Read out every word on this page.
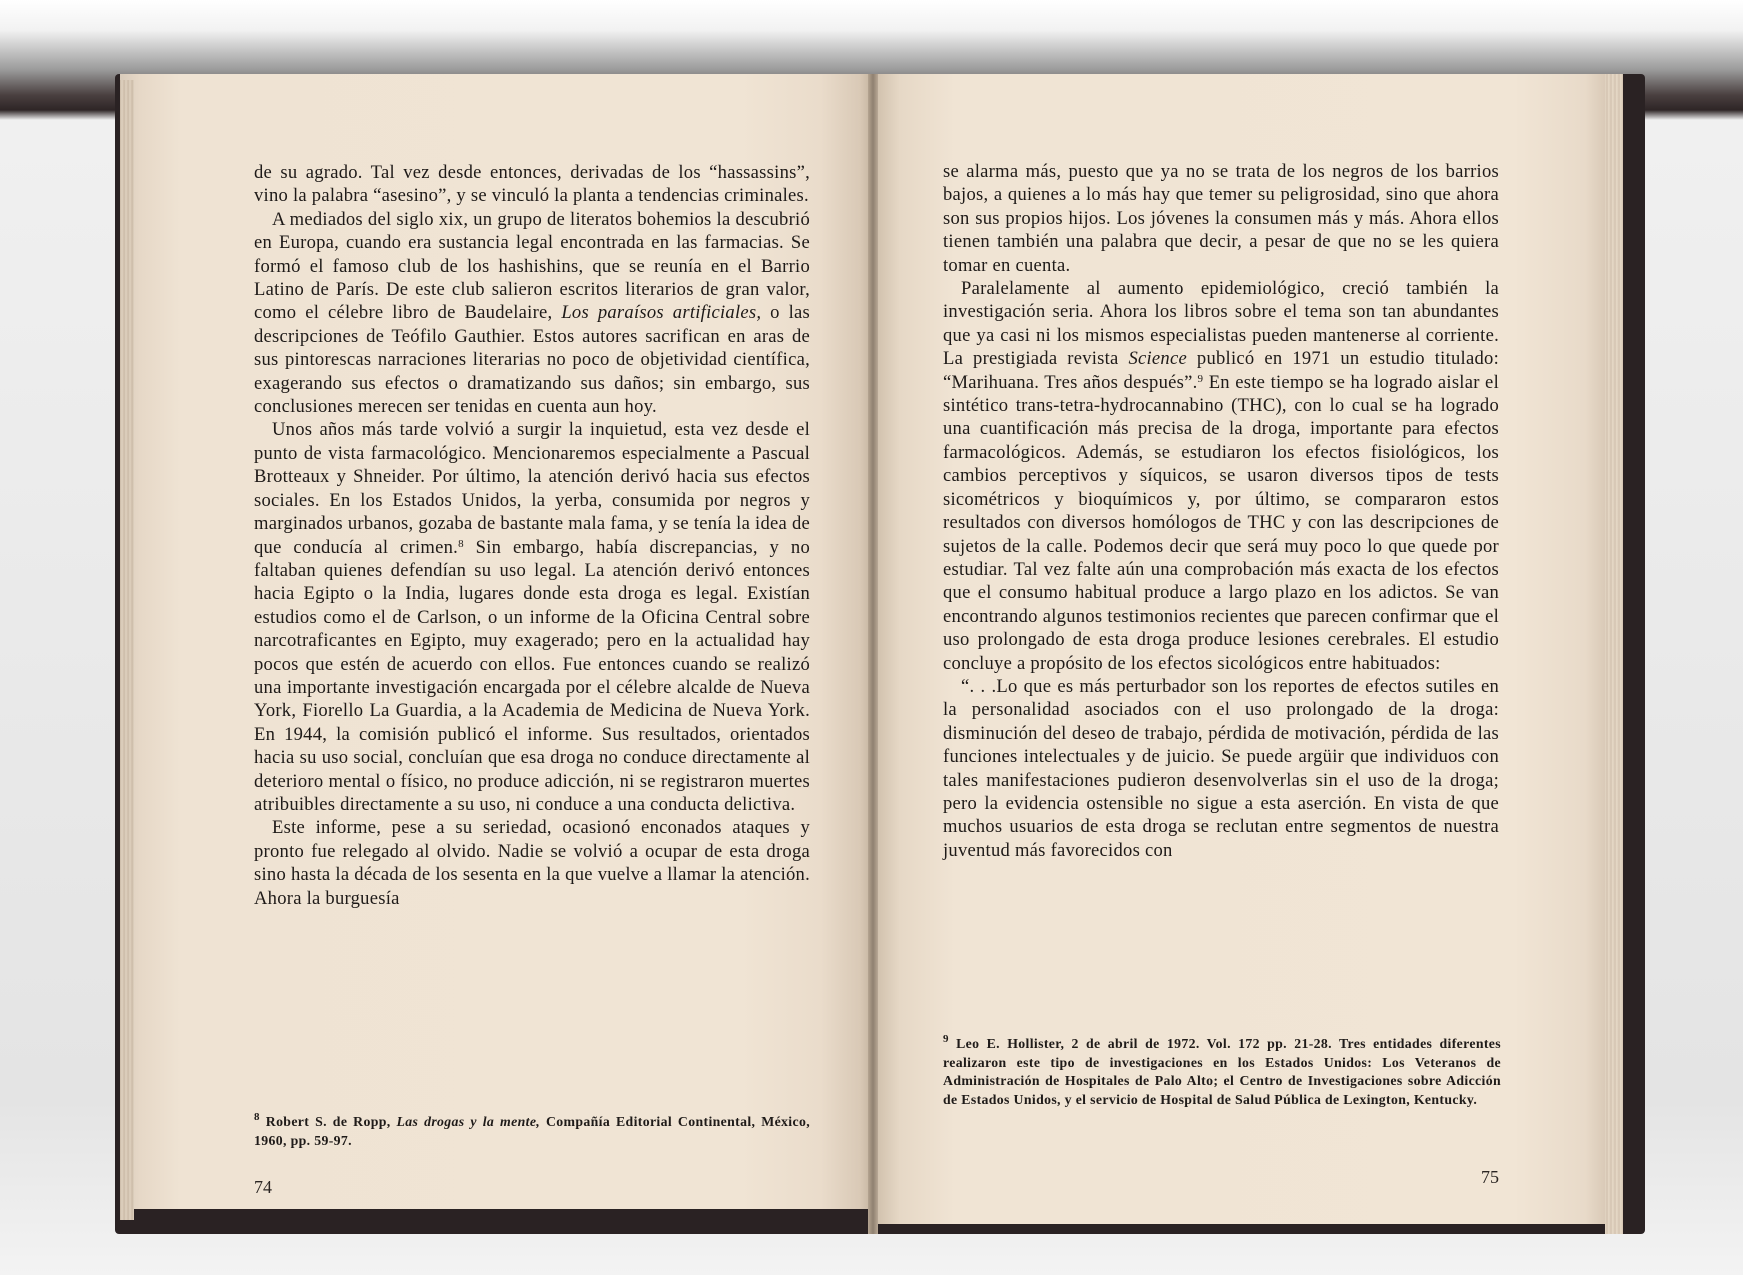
de su agrado. Tal vez desde entonces, derivadas de los “hassassins”, vino la palabra “asesino”, y se vinculó la planta a tendencias criminales.

A mediados del siglo xix, un grupo de literatos bohemios la descubrió en Europa, cuando era sustancia legal encontrada en las farmacias. Se formó el famoso club de los hashishins, que se reunía en el Barrio Latino de París. De este club salieron escritos literarios de gran valor, como el célebre libro de Baudelaire, Los paraísos artificiales, o las descripciones de Teófilo Gauthier. Estos autores sacrifican en aras de sus pintorescas narraciones literarias no poco de objetividad científica, exagerando sus efectos o dramatizando sus daños; sin embargo, sus conclusiones merecen ser tenidas en cuenta aun hoy.

Unos años más tarde volvió a surgir la inquietud, esta vez desde el punto de vista farmacológico. Mencionaremos especialmente a Pascual Brotteaux y Shneider. Por último, la atención derivó hacia sus efectos sociales. En los Estados Unidos, la yerba, consumida por negros y marginados urbanos, gozaba de bastante mala fama, y se tenía la idea de que conducía al crimen.$^8$ Sin embargo, había discrepancias, y no faltaban quienes defendían su uso legal. La atención derivó entonces hacia Egipto o la India, lugares donde esta droga es legal. Existían estudios como el de Carlson, o un informe de la Oficina Central sobre narcotraficantes en Egipto, muy exagerado; pero en la actualidad hay pocos que estén de acuerdo con ellos. Fue entonces cuando se realizó una importante investigación encargada por el célebre alcalde de Nueva York, Fiorello La Guardia, a la Academia de Medicina de Nueva York. En 1944, la comisión publicó el informe. Sus resultados, orientados hacia su uso social, concluían que esa droga no conduce directamente al deterioro mental o físico, no produce adicción, ni se registraron muertes atribuibles directamente a su uso, ni conduce a una conducta delictiva.

Este informe, pese a su seriedad, ocasionó enconados ataques y pronto fue relegado al olvido. Nadie se volvió a ocupar de esta droga sino hasta la década de los sesenta en la que vuelve a llamar la atención. Ahora la burguesía

$^8$ Robert S. de Ropp, Las drogas y la mente, Compañía Editorial Continental, México, 1960, pp. 59-97.
74

se alarma más, puesto que ya no se trata de los negros de los barrios bajos, a quienes a lo más hay que temer su peligrosidad, sino que ahora son sus propios hijos. Los jóvenes la consumen más y más. Ahora ellos tienen también una palabra que decir, a pesar de que no se les quiera tomar en cuenta.

Paralelamente al aumento epidemiológico, creció también la investigación seria. Ahora los libros sobre el tema son tan abundantes que ya casi ni los mismos especialistas pueden mantenerse al corriente. La prestigiada revista Science publicó en 1971 un estudio titulado: “Marihuana. Tres años después”.$^9$ En este tiempo se ha logrado aislar el sintético trans-tetra-hydrocannabino (THC), con lo cual se ha logrado una cuantificación más precisa de la droga, importante para efectos farmacológicos. Además, se estudiaron los efectos fisiológicos, los cambios perceptivos y síquicos, se usaron diversos tipos de tests sicométricos y bioquímicos y, por último, se compararon estos resultados con diversos homólogos de THC y con las descripciones de sujetos de la calle. Podemos decir que será muy poco lo que quede por estudiar. Tal vez falte aún una comprobación más exacta de los efectos que el consumo habitual produce a largo plazo en los adictos. Se van encontrando algunos testimonios recientes que parecen confirmar que el uso prolongado de esta droga produce lesiones cerebrales. El estudio concluye a propósito de los efectos sicológicos entre habituados:

“. . .Lo que es más perturbador son los reportes de efectos sutiles en la personalidad asociados con el uso prolongado de la droga: disminución del deseo de trabajo, pérdida de motivación, pérdida de las funciones intelectuales y de juicio. Se puede argüir que individuos con tales manifestaciones pudieron desenvolverlas sin el uso de la droga; pero la evidencia ostensible no sigue a esta aserción. En vista de que muchos usuarios de esta droga se reclutan entre segmentos de nuestra juventud más favorecidos con

$^9$ Leo E. Hollister, 2 de abril de 1972. Vol. 172 pp. 21-28. Tres entidades diferentes realizaron este tipo de investigaciones en los Estados Unidos: Los Veteranos de Administración de Hospitales de Palo Alto; el Centro de Investigaciones sobre Adicción de Estados Unidos, y el servicio de Hospital de Salud Pública de Lexington, Kentucky.
75
